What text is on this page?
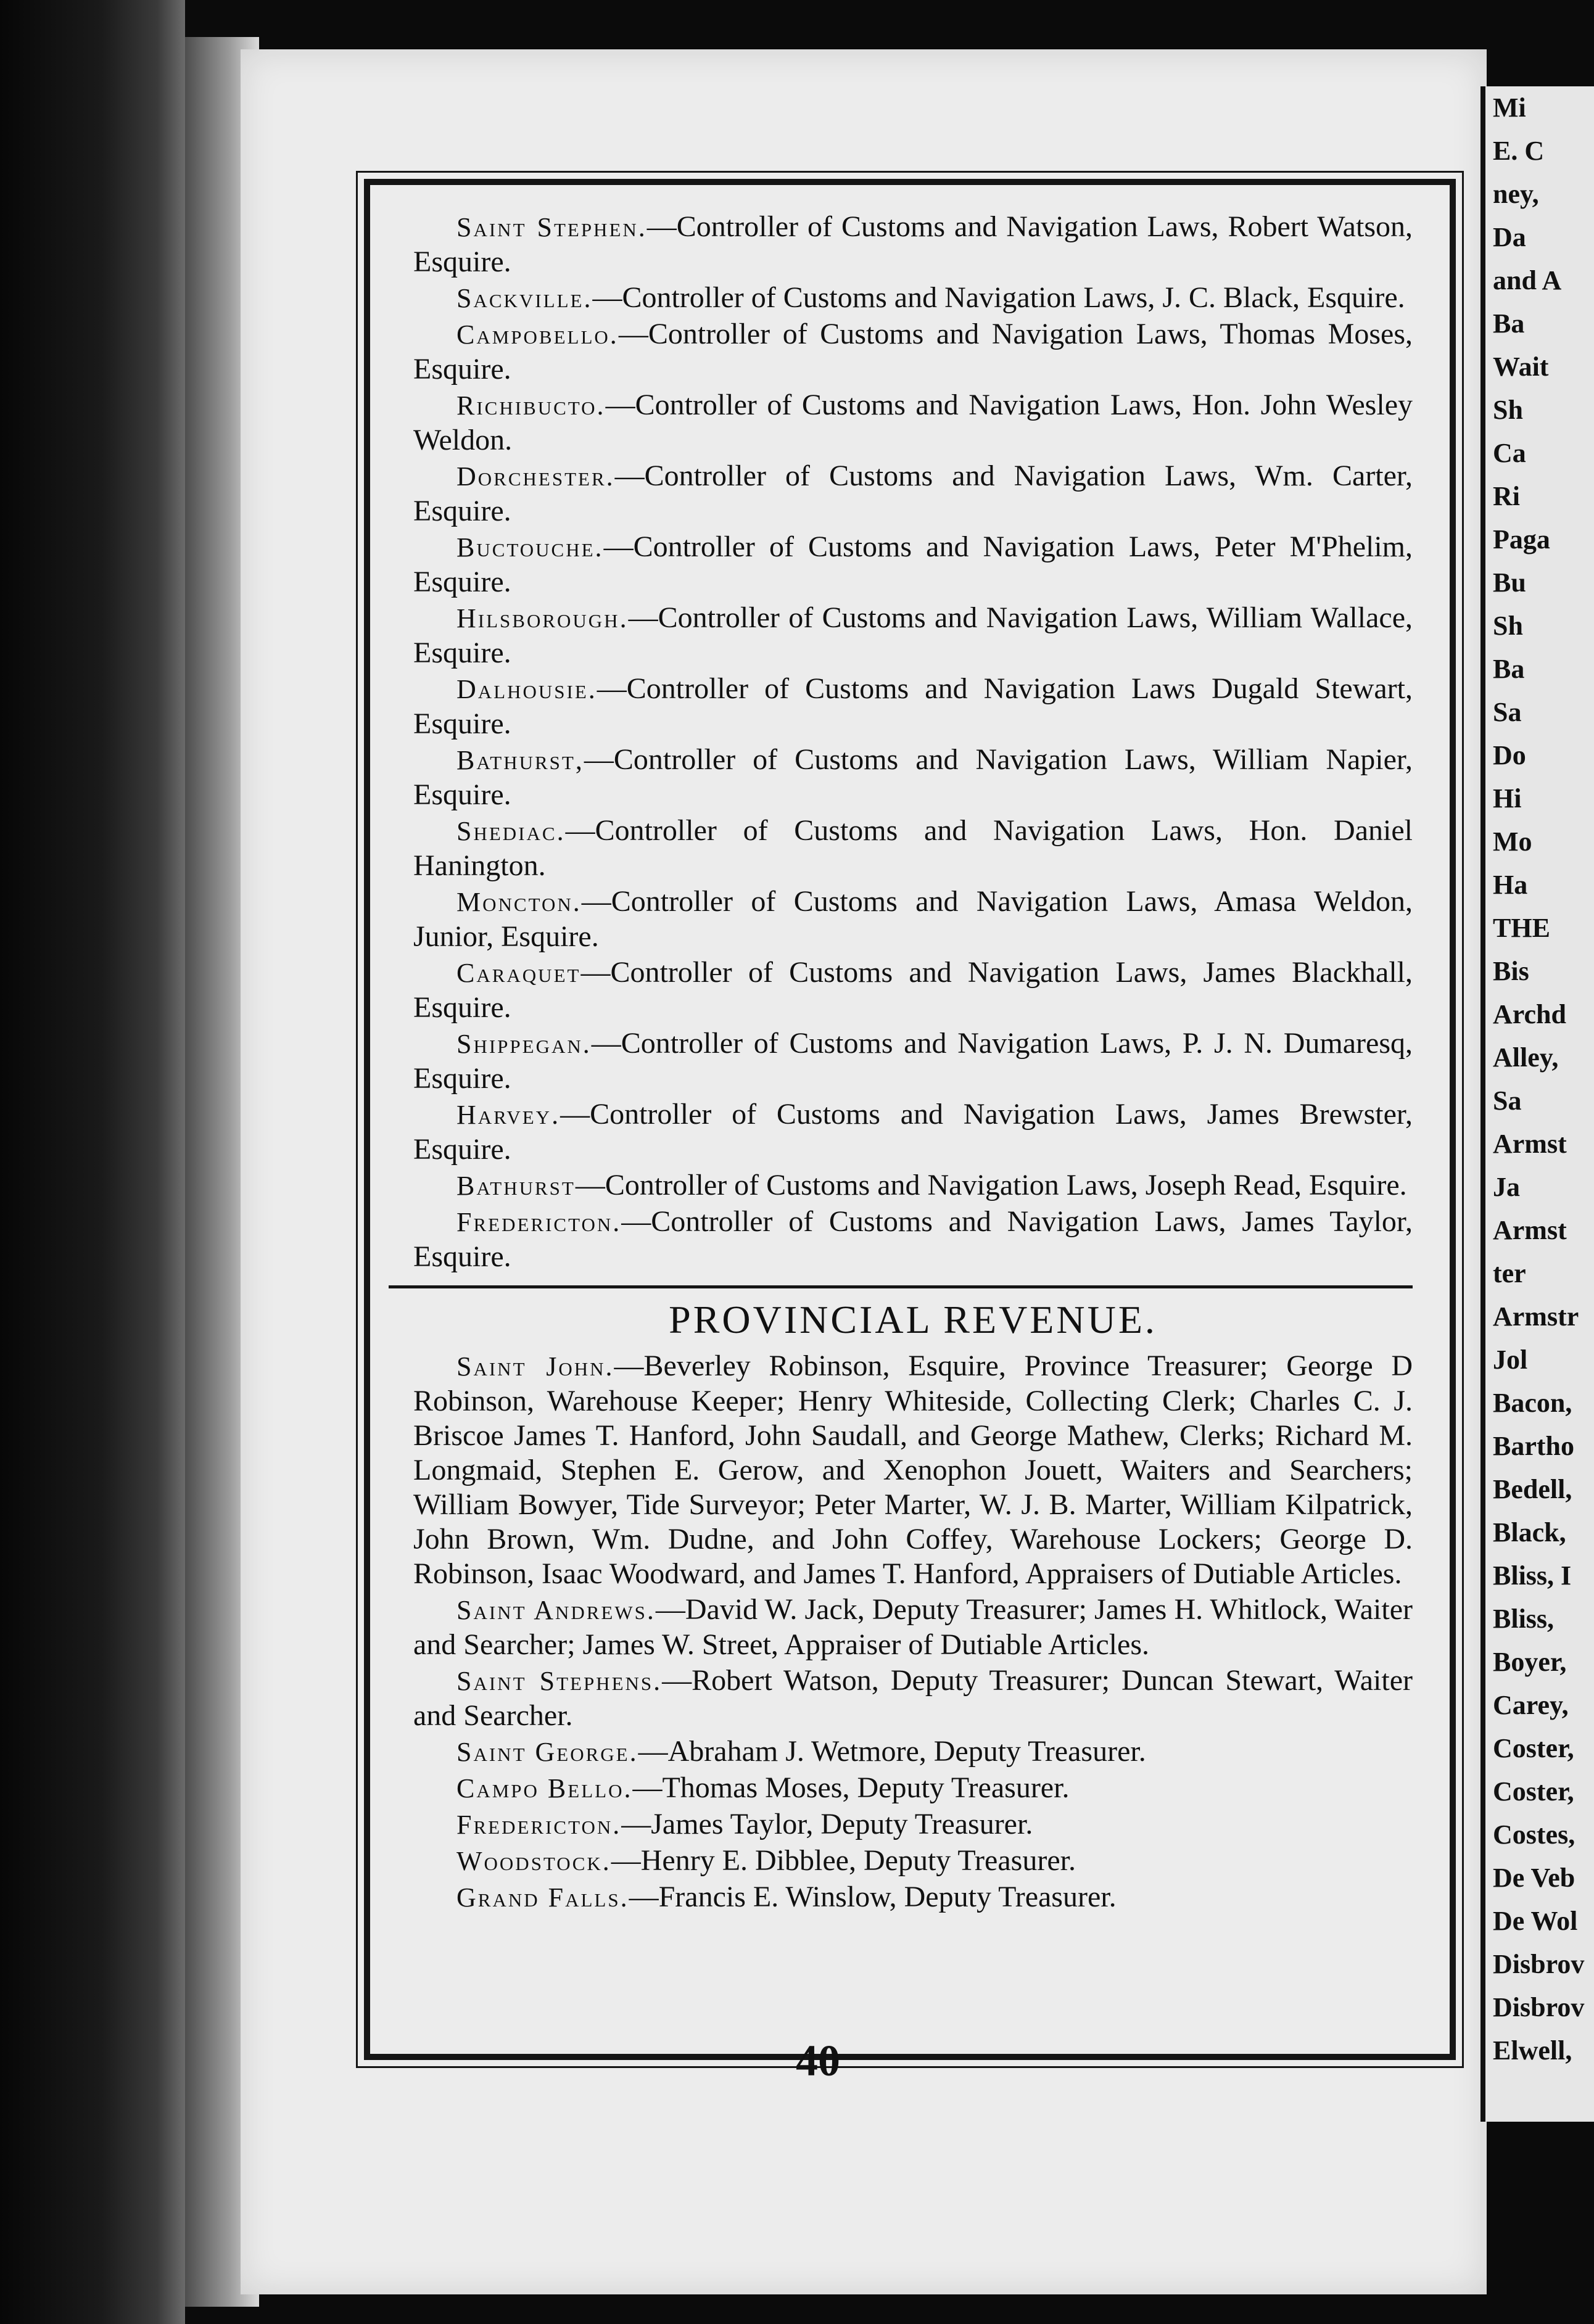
Mi
E. C
ney,
Da
and A
Ba
Wait
Sh
Ca
Ri
Paga
Bu
Sh
Ba
Sa
Do
Hi
Mo
Ha
THE
Bis
Archd
Alley,
Sa
Armst
Ja
Armst
ter
Armstr
Jol
Bacon,
Bartho
Bedell,
Black,
Bliss, I
Bliss,
Boyer,
Carey,
Coster,
Coster,
Costes,
De Veb
De Wol
Disbrov
Disbrov
Elwell,

Saint Stephen.—Controller of Customs and Navigation Laws, Robert Watson, Esquire.

Sackville.—Controller of Customs and Navigation Laws, J. C. Black, Esquire.

Campobello.—Controller of Customs and Navigation Laws, Thomas Moses, Esquire.

Richibucto.—Controller of Customs and Navigation Laws, Hon. John Wesley Weldon.

Dorchester.—Controller of Customs and Navigation Laws, Wm. Carter, Esquire.

Buctouche.—Controller of Customs and Navigation Laws, Peter M'Phelim, Esquire.

Hilsborough.—Controller of Customs and Navigation Laws, William Wallace, Esquire.

Dalhousie.—Controller of Customs and Navigation Laws Dugald Stewart, Esquire.

Bathurst,—Controller of Customs and Navigation Laws, William Napier, Esquire.

Shediac.—Controller of Customs and Navigation Laws, Hon. Daniel Hanington.

Moncton.—Controller of Customs and Navigation Laws, Amasa Weldon, Junior, Esquire.

Caraquet—Controller of Customs and Navigation Laws, James Blackhall, Esquire.

Shippegan.—Controller of Customs and Navigation Laws, P. J. N. Dumaresq, Esquire.

Harvey.—Controller of Customs and Navigation Laws, James Brewster, Esquire.

Bathurst—Controller of Customs and Navigation Laws, Joseph Read, Esquire.

Fredericton.—Controller of Customs and Navigation Laws, James Taylor, Esquire.

PROVINCIAL REVENUE.

Saint John.—Beverley Robinson, Esquire, Province Treasurer; George D Robinson, Warehouse Keeper; Henry Whiteside, Collecting Clerk; Charles C. J. Briscoe James T. Hanford, John Saudall, and George Mathew, Clerks; Richard M. Longmaid, Stephen E. Gerow, and Xenophon Jouett, Waiters and Searchers; William Bowyer, Tide Surveyor; Peter Marter, W. J. B. Marter, William Kilpatrick, John Brown, Wm. Dudne, and John Coffey, Warehouse Lockers; George D. Robinson, Isaac Woodward, and James T. Hanford, Appraisers of Dutiable Articles.

Saint Andrews.—David W. Jack, Deputy Treasurer; James H. Whitlock, Waiter and Searcher; James W. Street, Appraiser of Dutiable Articles.

Saint Stephens.—Robert Watson, Deputy Treasurer; Duncan Stewart, Waiter and Searcher.

Saint George.—Abraham J. Wetmore, Deputy Treasurer.

Campo Bello.—Thomas Moses, Deputy Treasurer.

Fredericton.—James Taylor, Deputy Treasurer.

Woodstock.—Henry E. Dibblee, Deputy Treasurer.

Grand Falls.—Francis E. Winslow, Deputy Treasurer.

40
